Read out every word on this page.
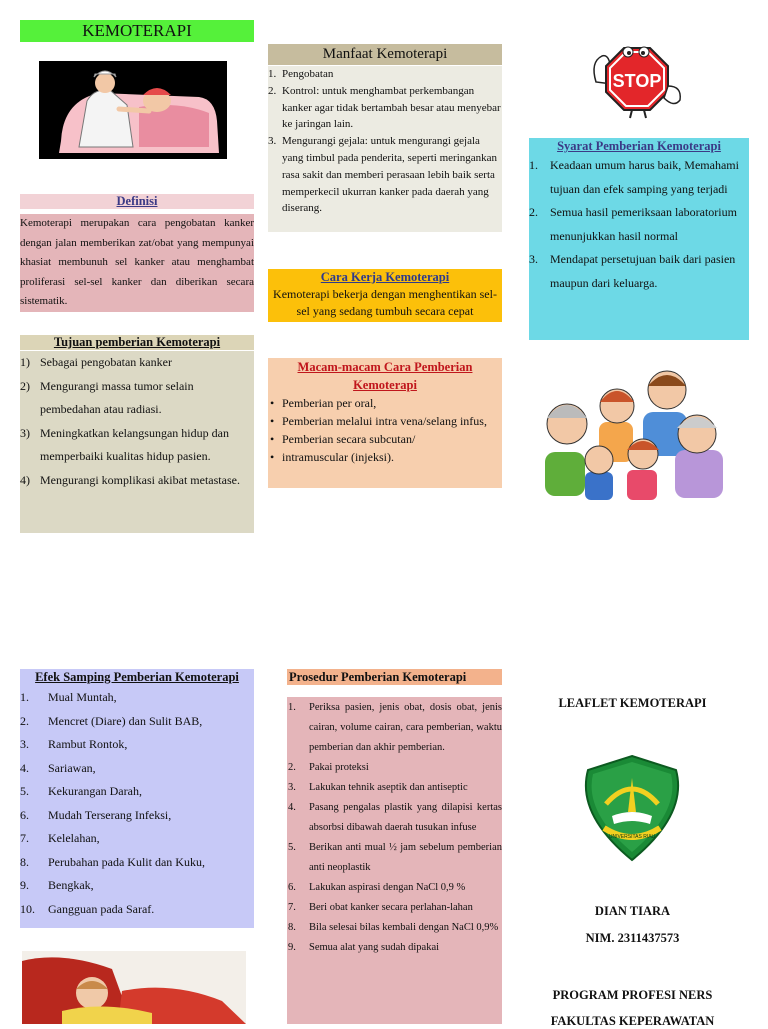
KEMOTERAPI
Definisi

Kemoterapi merupakan cara pengobatan kanker dengan jalan memberikan zat/obat yang mempunyai khasiat membunuh sel kanker atau menghambat proliferasi sel-sel kanker dan diberikan secara sistematik.

Tujuan pemberian Kemoterapi
1) Sebagai pengobatan kanker
2) Mengurangi massa tumor selain pembedahan atau radiasi.
3) Meningkatkan kelangsungan hidup dan memperbaiki kualitas hidup pasien.
4) Mengurangi komplikasi akibat metastase.
Manfaat Kemoterapi
1. Pengobatan
2. Kontrol: untuk menghambat perkembangan kanker agar tidak bertambah besar atau menyebar ke jaringan lain.
3. Mengurangi gejala: untuk mengurangi gejala yang timbul pada penderita, seperti meringankan rasa sakit dan memberi perasaan lebih baik serta memperkecil ukurran kanker pada daerah yang diserang.
Cara Kerja Kemoterapi
Kemoterapi bekerja dengan menghentikan sel-sel yang sedang tumbuh secara cepat
Macam-macam Cara Pemberian Kemoterapi
• Pemberian per oral,
• Pemberian melalui intra vena/selang infus,
• Pemberian secara subcutan/
• intramuscular (injeksi).
STOP
Syarat Pemberian Kemoterapi
1. Keadaan umum harus baik, Memahami tujuan dan efek samping yang terjadi
2. Semua hasil pemeriksaan laboratorium menunjukkan hasil normal
3. Mendapat persetujuan baik dari pasien maupun dari keluarga.
Efek Samping Pemberian Kemoterapi
1. Mual Muntah,
2. Mencret (Diare) dan Sulit BAB,
3. Rambut Rontok,
4. Sariawan,
5. Kekurangan Darah,
6. Mudah Terserang Infeksi,
7. Kelelahan,
8. Perubahan pada Kulit dan Kuku,
9. Bengkak,
10. Gangguan pada Saraf.
Prosedur Pemberian Kemoterapi
1. Periksa pasien, jenis obat, dosis obat, jenis cairan, volume cairan, cara pemberian, waktu pemberian dan akhir pemberian.
2. Pakai proteksi
3. Lakukan tehnik aseptik dan antiseptic
4. Pasang pengalas plastik yang dilapisi kertas absorbsi dibawah daerah tusukan infuse
5. Berikan anti mual ½ jam sebelum pemberian anti neoplastik
6. Lakukan aspirasi dengan NaCl 0,9 %
7. Beri obat kanker secara perlahan-lahan
8. Bila selesai bilas kembali dengan NaCl 0,9%
9. Semua alat yang sudah dipakai
LEAFLET KEMOTERAPI
UNIVERSITAS RIAU
DIAN TIARA
NIM. 2311437573
PROGRAM PROFESI NERS
FAKULTAS KEPERAWATAN
